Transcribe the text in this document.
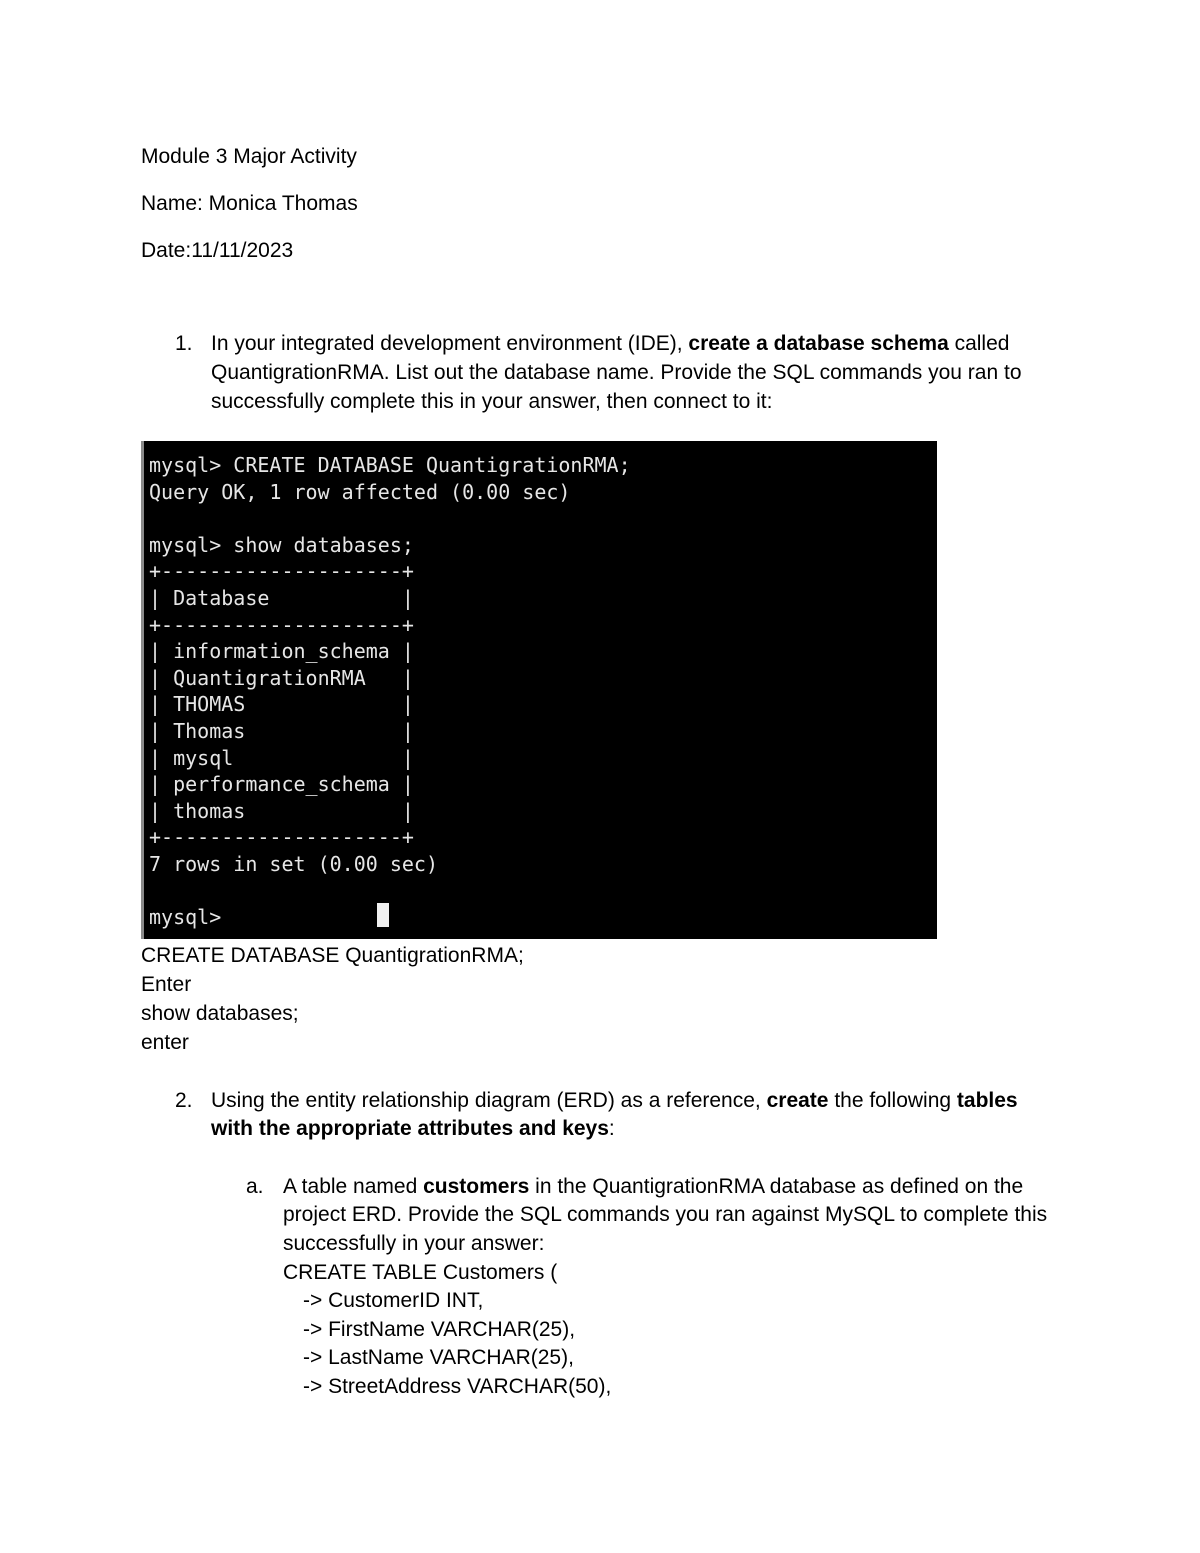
Module 3 Major Activity
Name: Monica Thomas
Date:11/11/2023
1. In your integrated development environment (IDE), create a database schema called
QuantigrationRMA. List out the database name. Provide the SQL commands you ran to
successfully complete this in your answer, then connect to it:
mysql> CREATE DATABASE QuantigrationRMA;
Query OK, 1 row affected (0.00 sec)
mysql> show databases;
+--------------------+
| Database           |
+--------------------+
| information_schema |
| QuantigrationRMA   |
| THOMAS             |
| Thomas             |
| mysql              |
| performance_schema |
| thomas             |
+--------------------+
7 rows in set (0.00 sec)
mysql>
CREATE DATABASE QuantigrationRMA;
Enter
show databases;
enter
2. Using the entity relationship diagram (ERD) as a reference, create the following tables
with the appropriate attributes and keys:
a. A table named customers in the QuantigrationRMA database as defined on the
project ERD. Provide the SQL commands you ran against MySQL to complete this
successfully in your answer:
CREATE TABLE Customers (
-> CustomerID INT,
-> FirstName VARCHAR(25),
-> LastName VARCHAR(25),
-> StreetAddress VARCHAR(50),
